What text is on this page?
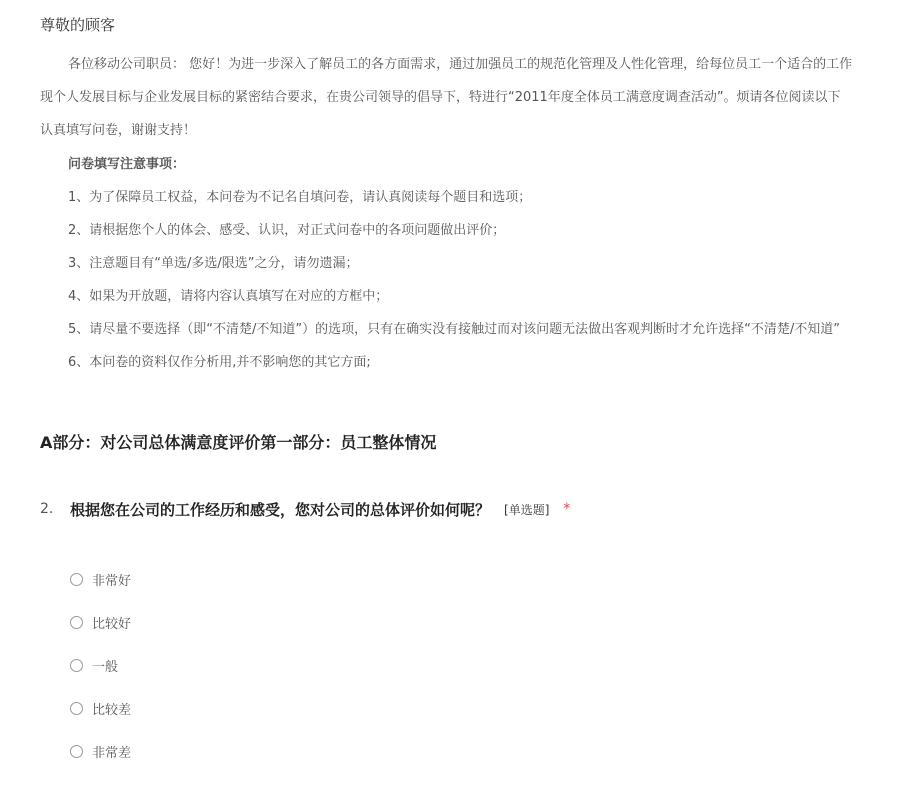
尊敬的顾客
各位移动公司职员： 您好！为进一步深入了解员工的各方面需求，通过加强员工的规范化管理及人性化管理，给每位员工一个适合的工作
现个人发展目标与企业发展目标的紧密结合要求，在贵公司领导的倡导下，特进行“2011年度全体员工满意度调查活动”。烦请各位阅读以下
认真填写问卷，谢谢支持！
问卷填写注意事项：
1、为了保障员工权益，本问卷为不记名自填问卷，请认真阅读每个题目和选项；
2、请根据您个人的体会、感受、认识，对正式问卷中的各项问题做出评价；
3、注意题目有“单选/多选/限选”之分，请勿遗漏；
4、如果为开放题，请将内容认真填写在对应的方框中；
5、请尽量不要选择（即“不清楚/不知道”）的选项，只有在确实没有接触过而对该问题无法做出客观判断时才允许选择“不清楚/不知道”
6、本问卷的资料仅作分析用,并不影响您的其它方面;
A部分：对公司总体满意度评价第一部分：员工整体情况
2.	根据您在公司的工作经历和感受，您对公司的总体评价如何呢？ [单选题] *
非常好
比较好
一般
比较差
非常差
